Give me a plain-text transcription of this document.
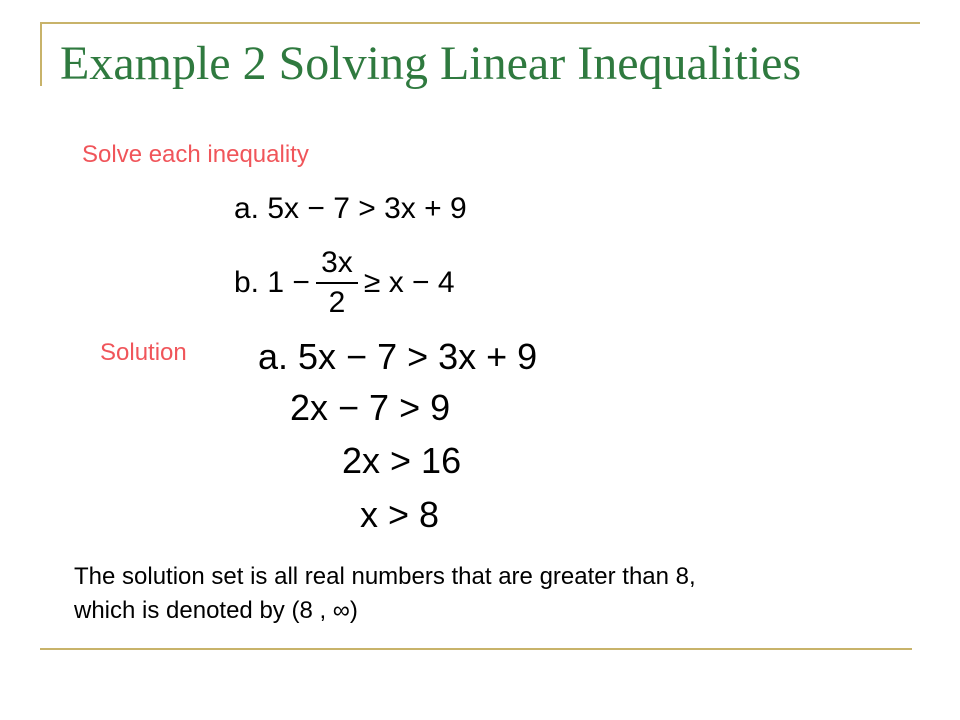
Example 2 Solving Linear Inequalities
Solve each inequality
a. 5x − 7 > 3x + 9
b. $1 - \frac{3x}{2} \ge x - 4$
Solution a. 5x − 7 > 3x + 9
2x − 7 > 9
2x > 16
x > 8

The solution set is all real numbers that are greater than 8,
which is denoted by (8 , ∞)
